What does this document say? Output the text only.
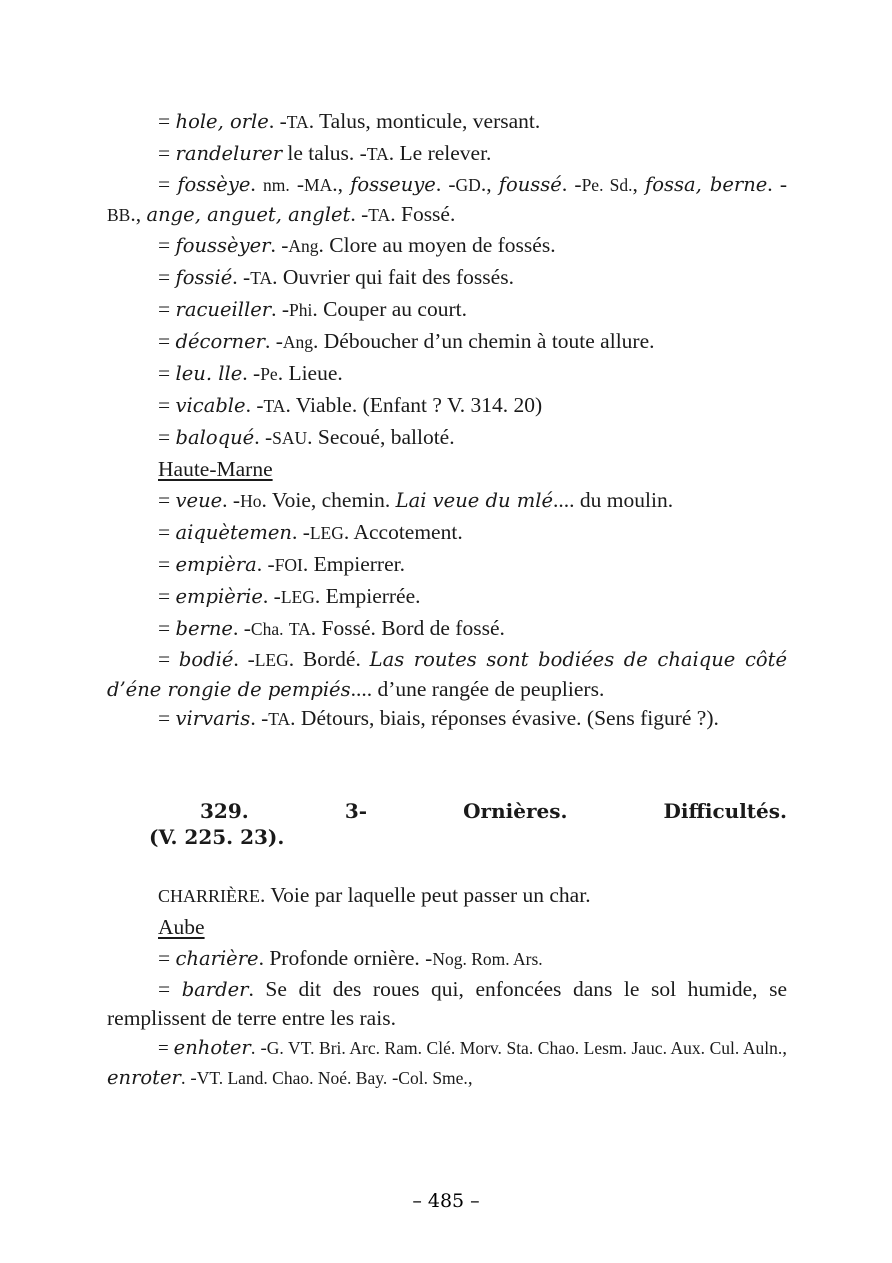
= hole, orle. -TA. Talus, monticule, versant.

= randelurer le talus. -TA. Le relever.

= fossèye. nm. -MA., fosseuye. -GD., foussé. -Pe. Sd., fossa, berne. -BB., ange, anguet, anglet. -TA. Fossé.

= foussèyer. -Ang. Clore au moyen de fossés.

= fossié. -TA. Ouvrier qui fait des fossés.

= racueiller. -Phi. Couper au court.

= décorner. -Ang. Déboucher d’un chemin à toute allure.

= leu. lle. -Pe. Lieue.

= vicable. -TA. Viable. (Enfant ? V. 314. 20)

= baloqué. -SAU. Secoué, balloté.

Haute-Marne

= veue. -Ho. Voie, chemin. Lai veue du mlé.... du moulin.

= aiquètemen. -LEG. Accotement.

= empièra. -FOI. Empierrer.

= empièrie. -LEG. Empierrée.

= berne. -Cha. TA. Fossé. Bord de fossé.

= bodié. -LEG. Bordé. Las routes sont bodiées de chaique côté d’éne rongie de pempiés.... d’une rangée de peupliers.

= virvaris. -TA. Détours, biais, réponses évasive. (Sens figuré ?).

329.	3-	Ornières.	Difficultés.
(V. 225. 23).

CHARRIÈRE. Voie par laquelle peut passer un char.

Aube

= charière. Profonde ornière. -Nog. Rom. Ars.

= barder. Se dit des roues qui, enfoncées dans le sol humide, se remplissent de terre entre les rais.

= enhoter. -G. VT. Bri. Arc. Ram. Clé. Morv. Sta. Chao. Lesm. Jauc. Aux. Cul. Auln., enroter. -VT. Land. Chao. Noé. Bay. -Col. Sme.,

– 485 –
